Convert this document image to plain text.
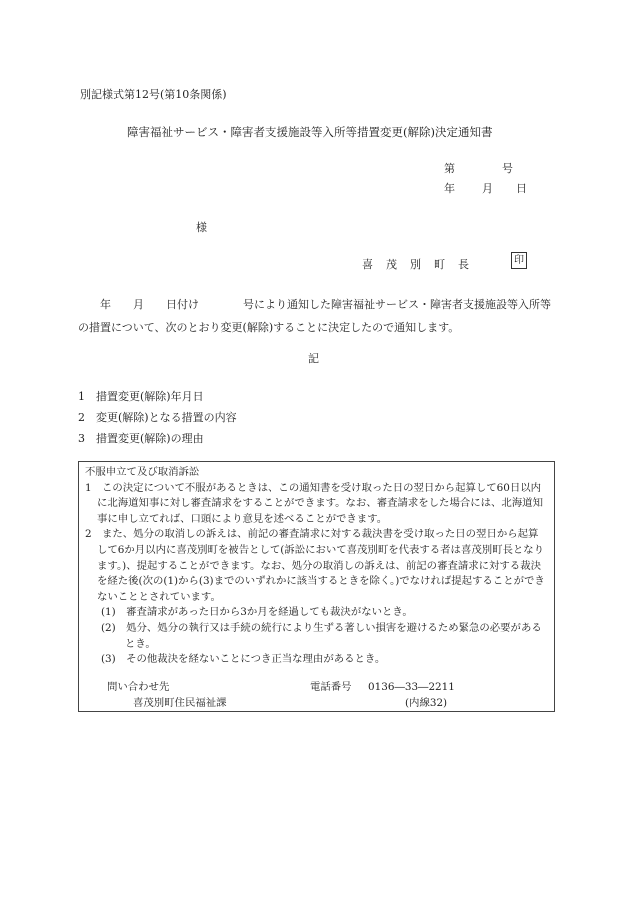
別記様式第12号(第10条関係)
障害福祉サービス・障害者支援施設等入所等措置変更(解除)決定通知書
第	号
年 月 日
様
喜 茂 別 町 長	印
　　年　　月　　日付け　　　　号により通知した障害福祉サービス・障害者支援施設等入所等の措置について、次のとおり変更(解除)することに決定したので通知します。
記
1　措置変更(解除)年月日
2　変更(解除)となる措置の内容
3　措置変更(解除)の理由

不服申立て及び取消訴訟

1　この決定について不服があるときは、この通知書を受け取った日の翌日から起算して60日以内に北海道知事に対し審査請求をすることができます。なお、審査請求をした場合には、北海道知事に申し立てれば、口頭により意見を述べることができます。

2　また、処分の取消しの訴えは、前記の審査請求に対する裁決書を受け取った日の翌日から起算して6か月以内に喜茂別町を被告として(訴訟において喜茂別町を代表する者は喜茂別町長となります。)、提起することができます。なお、処分の取消しの訴えは、前記の審査請求に対する裁決を経た後(次の(1)から(3)までのいずれかに該当するときを除く。)でなければ提起することができないこととされています。

(1)　審査請求があった日から3か月を経過しても裁決がないとき。

(2)　処分、処分の執行又は手続の続行により生ずる著しい損害を避けるため緊急の必要があるとき。

(3)　その他裁決を経ないことにつき正当な理由があるとき。

問い合わせ先
喜茂別町住民福祉課
電話番号 0136―33―2211
(内線32)
